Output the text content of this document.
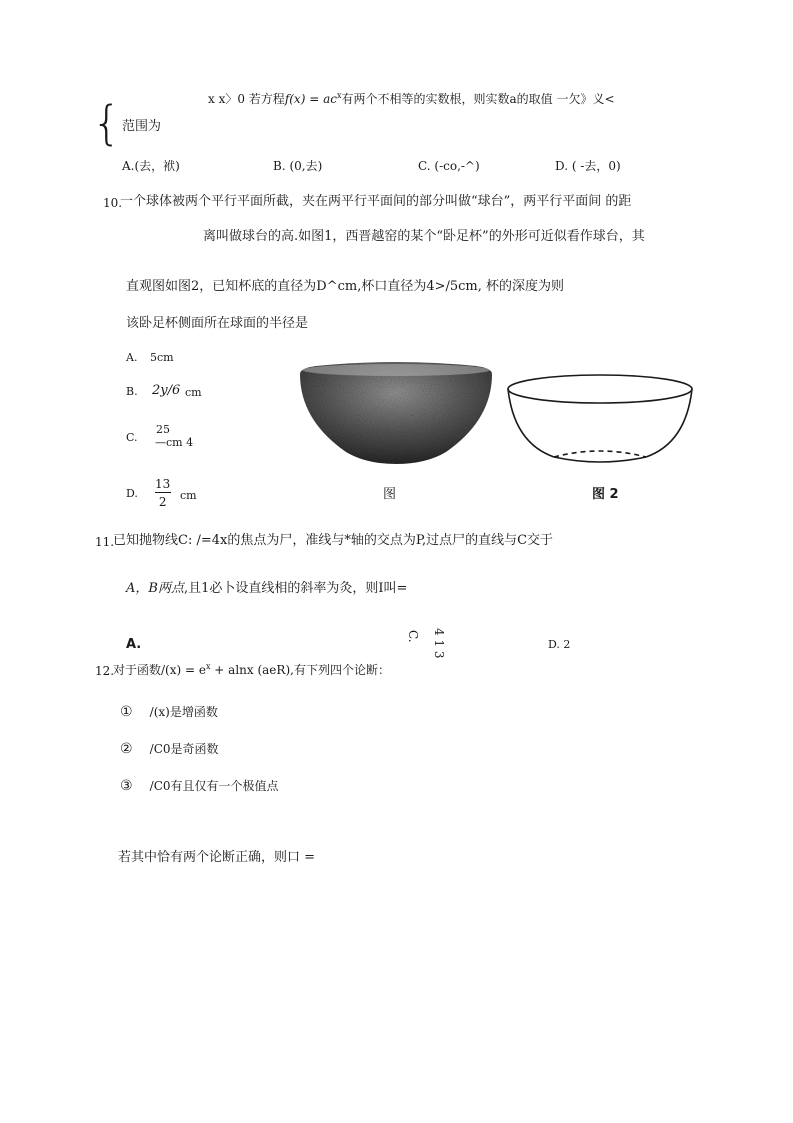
{	x x〉0 若方程$f(x) = ac^x$有两个不相等的实数根，则实数a的取值 一欠》义<
范围为
A.(去，袱)	B. (0,去)	C. (-co,-^)	D. ( -去，0)
10.
一个球体被两个平行平面所截，夹在两平行平面间的部分叫做“球台”，两平行平面间 的距
离叫做球台的高.如图1，西晋越窑的某个“卧足杯”的外形可近似看作球台，其
直观图如图2，已知杯底的直径为D^cm,杯口直径为4>/5cm, 杯的深度为则
该卧足杯侧面所在球面的半径是
A. 5cm
B. 2y/6 cm
C.
25
—cm 4
D.
13
2 cm	图	图 2
11.
已知抛物线C: /=4x的焦点为尸，准线与*轴的交点为P,过点尸的直线与C交于
A，B两点,且1必卜设直线相的斜率为灸，则I叫=
A.
C. 4 1 3	D. 2
12.
对于函数$/(x) = e^x + alnx$ (aeR),有下列四个论断：
① /(x)是增函数
② /C0是奇函数
③ /C0有且仅有一个极值点
若其中恰有两个论断正确，则口 =
